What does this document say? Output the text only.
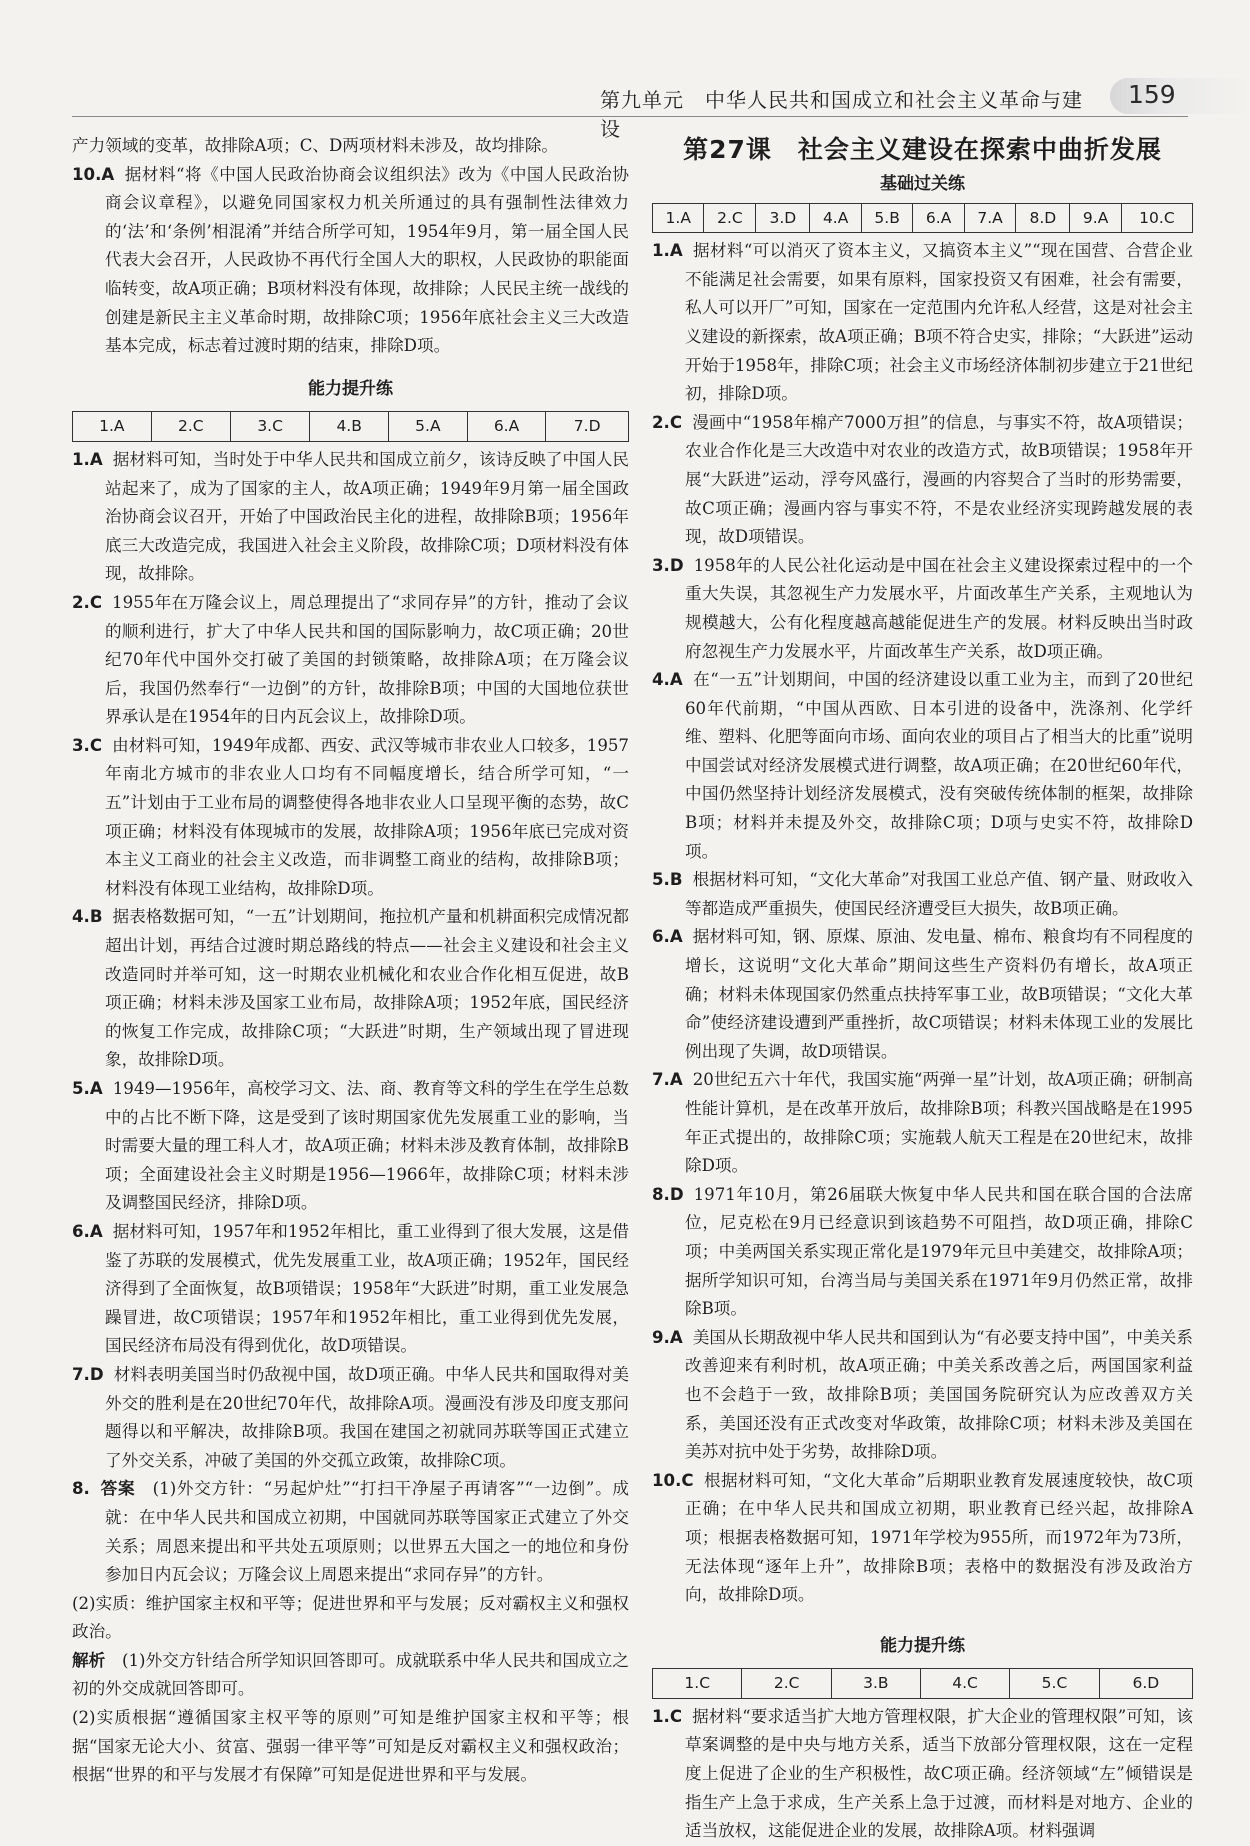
第九单元　中华人民共和国成立和社会主义革命与建设
159

产力领域的变革，故排除A项；C、D两项材料未涉及，故均排除。

10.A 据材料“将《中国人民政治协商会议组织法》改为《中国人民政治协商会议章程》，以避免同国家权力机关所通过的具有强制性法律效力的‘法’和‘条例’相混淆”并结合所学可知，1954年9月，第一届全国人民代表大会召开，人民政协不再代行全国人大的职权，人民政协的职能面临转变，故A项正确；B项材料没有体现，故排除；人民民主统一战线的创建是新民主主义革命时期，故排除C项；1956年底社会主义三大改造基本完成，标志着过渡时期的结束，排除D项。

能力提升练
1.A	2.C	3.C	4.B	5.A	6.A	7.D

1.A 据材料可知，当时处于中华人民共和国成立前夕，该诗反映了中国人民站起来了，成为了国家的主人，故A项正确；1949年9月第一届全国政治协商会议召开，开始了中国政治民主化的进程，故排除B项；1956年底三大改造完成，我国进入社会主义阶段，故排除C项；D项材料没有体现，故排除。

2.C 1955年在万隆会议上，周总理提出了“求同存异”的方针，推动了会议的顺利进行，扩大了中华人民共和国的国际影响力，故C项正确；20世纪70年代中国外交打破了美国的封锁策略，故排除A项；在万隆会议后，我国仍然奉行“一边倒”的方针，故排除B项；中国的大国地位获世界承认是在1954年的日内瓦会议上，故排除D项。

3.C 由材料可知，1949年成都、西安、武汉等城市非农业人口较多，1957年南北方城市的非农业人口均有不同幅度增长，结合所学可知，“一五”计划由于工业布局的调整使得各地非农业人口呈现平衡的态势，故C项正确；材料没有体现城市的发展，故排除A项；1956年底已完成对资本主义工商业的社会主义改造，而非调整工商业的结构，故排除B项；材料没有体现工业结构，故排除D项。

4.B 据表格数据可知，“一五”计划期间，拖拉机产量和机耕面积完成情况都超出计划，再结合过渡时期总路线的特点——社会主义建设和社会主义改造同时并举可知，这一时期农业机械化和农业合作化相互促进，故B项正确；材料未涉及国家工业布局，故排除A项；1952年底，国民经济的恢复工作完成，故排除C项；“大跃进”时期，生产领域出现了冒进现象，故排除D项。

5.A 1949—1956年，高校学习文、法、商、教育等文科的学生在学生总数中的占比不断下降，这是受到了该时期国家优先发展重工业的影响，当时需要大量的理工科人才，故A项正确；材料未涉及教育体制，故排除B项；全面建设社会主义时期是1956—1966年，故排除C项；材料未涉及调整国民经济，排除D项。

6.A 据材料可知，1957年和1952年相比，重工业得到了很大发展，这是借鉴了苏联的发展模式，优先发展重工业，故A项正确；1952年，国民经济得到了全面恢复，故B项错误；1958年“大跃进”时期，重工业发展急躁冒进，故C项错误；1957年和1952年相比，重工业得到优先发展，国民经济布局没有得到优化，故D项错误。

7.D 材料表明美国当时仍敌视中国，故D项正确。中华人民共和国取得对美外交的胜利是在20世纪70年代，故排除A项。漫画没有涉及印度支那问题得以和平解决，故排除B项。我国在建国之初就同苏联等国正式建立了外交关系，冲破了美国的外交孤立政策，故排除C项。

8. 答案　 (1)外交方针：“另起炉灶”“打扫干净屋子再请客”“一边倒”。成就：在中华人民共和国成立初期，中国就同苏联等国家正式建立了外交关系；周恩来提出和平共处五项原则；以世界五大国之一的地位和身份参加日内瓦会议；万隆会议上周恩来提出“求同存异”的方针。

(2)实质：维护国家主权和平等；促进世界和平与发展；反对霸权主义和强权政治。

解析　 (1)外交方针结合所学知识回答即可。成就联系中华人民共和国成立之初的外交成就回答即可。

(2)实质根据“遵循国家主权平等的原则”可知是维护国家主权和平等；根据“国家无论大小、贫富、强弱一律平等”可知是反对霸权主义和强权政治；根据“世界的和平与发展才有保障”可知是促进世界和平与发展。

第27课　社会主义建设在探索中曲折发展
基础过关练
1.A	2.C	3.D	4.A	5.B	6.A	7.A	8.D	9.A	10.C

1.A 据材料“可以消灭了资本主义，又搞资本主义”“现在国营、合营企业不能满足社会需要，如果有原料，国家投资又有困难，社会有需要，私人可以开厂”可知，国家在一定范围内允许私人经营，这是对社会主义建设的新探索，故A项正确；B项不符合史实，排除；“大跃进”运动开始于1958年，排除C项；社会主义市场经济体制初步建立于21世纪初，排除D项。

2.C 漫画中“1958年棉产7000万担”的信息，与事实不符，故A项错误；农业合作化是三大改造中对农业的改造方式，故B项错误；1958年开展“大跃进”运动，浮夸风盛行，漫画的内容契合了当时的形势需要，故C项正确；漫画内容与事实不符，不是农业经济实现跨越发展的表现，故D项错误。

3.D 1958年的人民公社化运动是中国在社会主义建设探索过程中的一个重大失误，其忽视生产力发展水平，片面改革生产关系，主观地认为规模越大，公有化程度越高越能促进生产的发展。材料反映出当时政府忽视生产力发展水平，片面改革生产关系，故D项正确。

4.A 在“一五”计划期间，中国的经济建设以重工业为主，而到了20世纪60年代前期，“中国从西欧、日本引进的设备中，洗涤剂、化学纤维、塑料、化肥等面向市场、面向农业的项目占了相当大的比重”说明中国尝试对经济发展模式进行调整，故A项正确；在20世纪60年代，中国仍然坚持计划经济发展模式，没有突破传统体制的框架，故排除B项；材料并未提及外交，故排除C项；D项与史实不符，故排除D项。

5.B 根据材料可知，“文化大革命”对我国工业总产值、钢产量、财政收入等都造成严重损失，使国民经济遭受巨大损失，故B项正确。

6.A 据材料可知，钢、原煤、原油、发电量、棉布、粮食均有不同程度的增长，这说明“文化大革命”期间这些生产资料仍有增长，故A项正确；材料未体现国家仍然重点扶持军事工业，故B项错误；“文化大革命”使经济建设遭到严重挫折，故C项错误；材料未体现工业的发展比例出现了失调，故D项错误。

7.A 20世纪五六十年代，我国实施“两弹一星”计划，故A项正确；研制高性能计算机，是在改革开放后，故排除B项；科教兴国战略是在1995年正式提出的，故排除C项；实施载人航天工程是在20世纪末，故排除D项。

8.D 1971年10月，第26届联大恢复中华人民共和国在联合国的合法席位，尼克松在9月已经意识到该趋势不可阻挡，故D项正确，排除C项；中美两国关系实现正常化是1979年元旦中美建交，故排除A项；据所学知识可知，台湾当局与美国关系在1971年9月仍然正常，故排除B项。

9.A 美国从长期敌视中华人民共和国到认为“有必要支持中国”，中美关系改善迎来有利时机，故A项正确；中美关系改善之后，两国国家利益也不会趋于一致，故排除B项；美国国务院研究认为应改善双方关系，美国还没有正式改变对华政策，故排除C项；材料未涉及美国在美苏对抗中处于劣势，故排除D项。

10.C 根据材料可知，“文化大革命”后期职业教育发展速度较快，故C项正确；在中华人民共和国成立初期，职业教育已经兴起，故排除A项；根据表格数据可知，1971年学校为955所，而1972年为73所，无法体现“逐年上升”，故排除B项；表格中的数据没有涉及政治方向，故排除D项。

能力提升练
1.C	2.C	3.B	4.C	5.C	6.D

1.C 据材料“要求适当扩大地方管理权限，扩大企业的管理权限”可知，该草案调整的是中央与地方关系，适当下放部分管理权限，这在一定程度上促进了企业的生产积极性，故C项正确。经济领域“左”倾错误是指生产上急于求成，生产关系上急于过渡，而材料是对地方、企业的适当放权，这能促进企业的发展，故排除A项。材料强调
